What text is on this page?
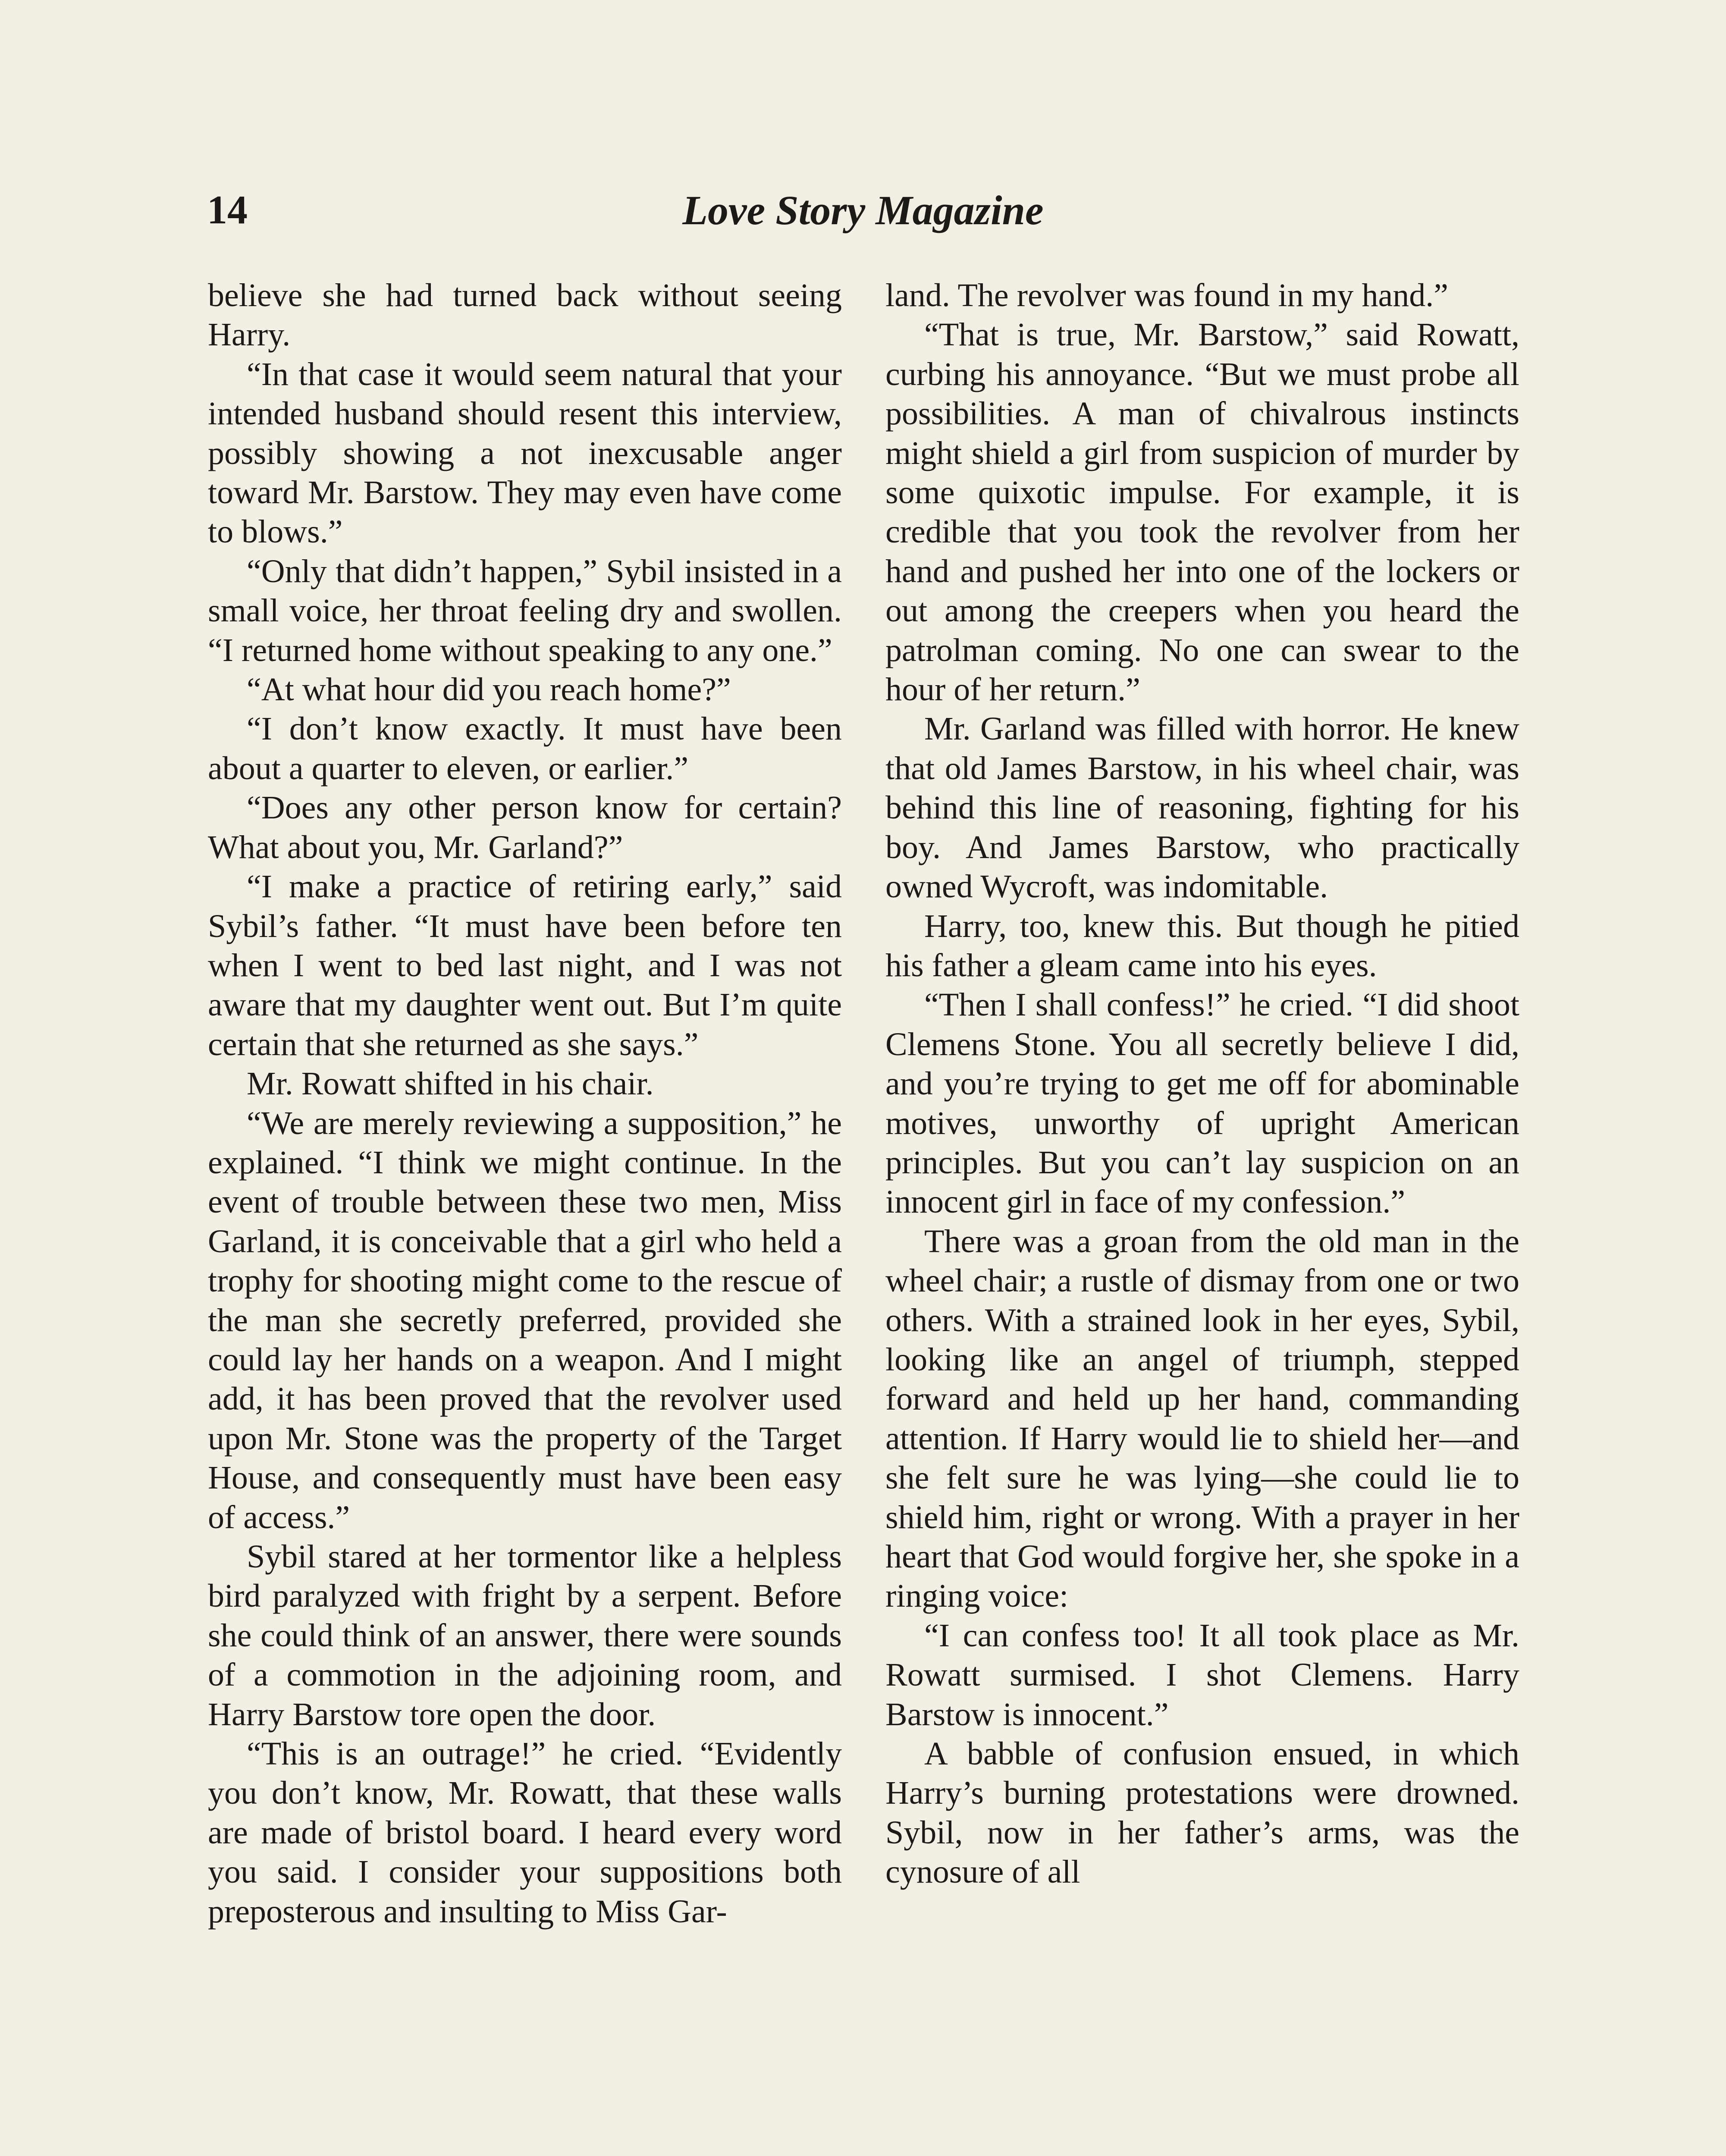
14	Love Story Magazine

believe she had turned back without seeing Harry.

“In that case it would seem natural that your intended husband should resent this interview, possibly showing a not inexcusable anger toward Mr. Barstow. They may even have come to blows.”

“Only that didn’t happen,” Sybil insisted in a small voice, her throat feeling dry and swollen. “I returned home without speaking to any one.”

“At what hour did you reach home?”

“I don’t know exactly. It must have been about a quarter to eleven, or earlier.”

“Does any other person know for certain? What about you, Mr. Garland?”

“I make a practice of retiring early,” said Sybil’s father. “It must have been before ten when I went to bed last night, and I was not aware that my daughter went out. But I’m quite certain that she returned as she says.”

Mr. Rowatt shifted in his chair.

“We are merely reviewing a supposition,” he explained. “I think we might continue. In the event of trouble between these two men, Miss Garland, it is conceivable that a girl who held a trophy for shooting might come to the rescue of the man she secretly preferred, provided she could lay her hands on a weapon. And I might add, it has been proved that the revolver used upon Mr. Stone was the property of the Target House, and consequently must have been easy of access.”

Sybil stared at her tormentor like a helpless bird paralyzed with fright by a serpent. Before she could think of an answer, there were sounds of a commotion in the adjoining room, and Harry Barstow tore open the door.

“This is an outrage!” he cried. “Evidently you don’t know, Mr. Rowatt, that these walls are made of bristol board. I heard every word you said. I consider your suppositions both preposterous and insulting to Miss Gar-

land. The revolver was found in my hand.”

“That is true, Mr. Barstow,” said Rowatt, curbing his annoyance. “But we must probe all possibilities. A man of chivalrous instincts might shield a girl from suspicion of murder by some quixotic impulse. For example, it is credible that you took the revolver from her hand and pushed her into one of the lockers or out among the creepers when you heard the patrolman coming. No one can swear to the hour of her return.”

Mr. Garland was filled with horror. He knew that old James Barstow, in his wheel chair, was behind this line of reasoning, fighting for his boy. And James Barstow, who practically owned Wycroft, was indomitable.

Harry, too, knew this. But though he pitied his father a gleam came into his eyes.

“Then I shall confess!” he cried. “I did shoot Clemens Stone. You all secretly believe I did, and you’re trying to get me off for abominable motives, unworthy of upright American principles. But you can’t lay suspicion on an innocent girl in face of my confession.”

There was a groan from the old man in the wheel chair; a rustle of dismay from one or two others. With a strained look in her eyes, Sybil, looking like an angel of triumph, stepped forward and held up her hand, commanding attention. If Harry would lie to shield her—and she felt sure he was lying—she could lie to shield him, right or wrong. With a prayer in her heart that God would forgive her, she spoke in a ringing voice:

“I can confess too! It all took place as Mr. Rowatt surmised. I shot Clemens. Harry Barstow is innocent.”

A babble of confusion ensued, in which Harry’s burning protestations were drowned. Sybil, now in her father’s arms, was the cynosure of all
